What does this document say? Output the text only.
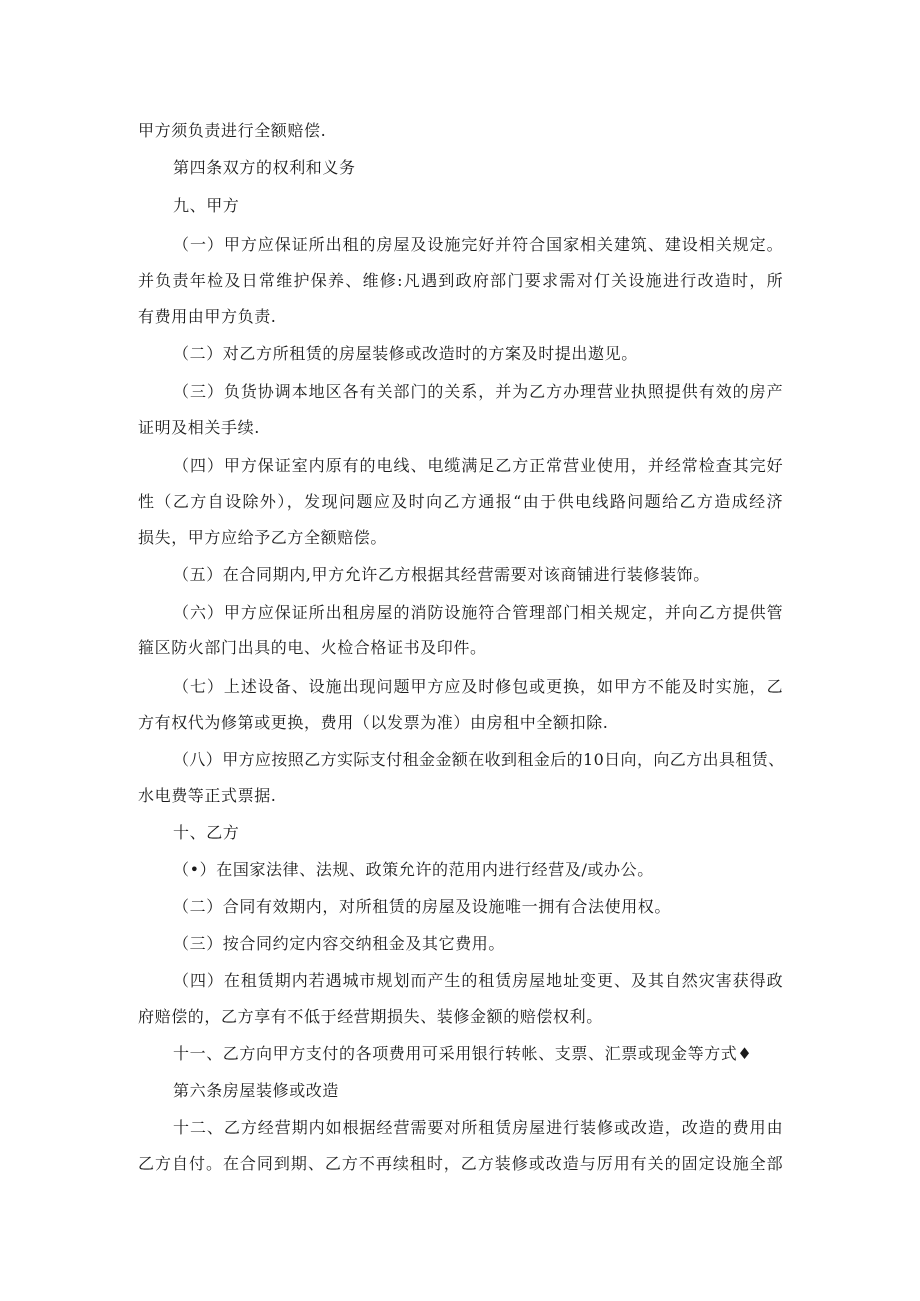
甲方须负责进行全额赔偿.
第四条双方的权利和义务
九、甲方
（一）甲方应保证所出租的房屋及设施完好并符合国家相关建筑、建设相关规定。
并负责年检及日常维护保养、维修:凡遇到政府部门要求需对仃关设施进行改造时，所
有费用由甲方负责.
（二）对乙方所租赁的房屋装修或改造时的方案及时提出遨见。
（三）负货协调本地区各有关部门的关系，并为乙方办理营业执照提供有效的房产
证明及相关手续.
（四）甲方保证室内原有的电线、电缆满足乙方正常营业使用，并经常检查其完好
性（乙方自设除外），发现问题应及时向乙方通报“由于供电线路问题给乙方造成经济
损失，甲方应给予乙方全额赔偿。
（五）在合同期内,甲方允许乙方根据其经营需要对该商铺进行装修装饰。
（六）甲方应保证所出租房屋的消防设施符合管理部门相关规定，并向乙方提供管
箍区防火部门出具的电、火检合格证书及印件。
（七）上述设备、设施出现问题甲方应及时修包或更换，如甲方不能及时实施，乙
方有权代为修第或更换，费用（以发票为准）由房租中全额扣除.
（八）甲方应按照乙方实际支付租金金额在收到租金后的10日向，向乙方出具租赁、
水电费等正式票据.
十、乙方
（•）在国家法律、法规、政策允许的范用内进行经营及/或办公。
（二）合同有效期内，对所租赁的房屋及设施唯一拥有合法使用权。
（三）按合同约定内容交纳租金及其它费用。
（四）在租赁期内若遇城市规划而产生的租赁房屋地址变更、及其自然灾害获得政
府赔偿的，乙方享有不低于经营期损失、装修金额的赔偿权利。
十一、乙方向甲方支付的各项费用可采用银行转帐、支票、汇票或现金等方式♦
第六条房屋装修或改造
十二、乙方经营期内如根据经营需要对所租赁房屋进行装修或改造，改造的费用由
乙方自付。在合同到期、乙方不再续租时，乙方装修或改造与厉用有关的固定设施全部
